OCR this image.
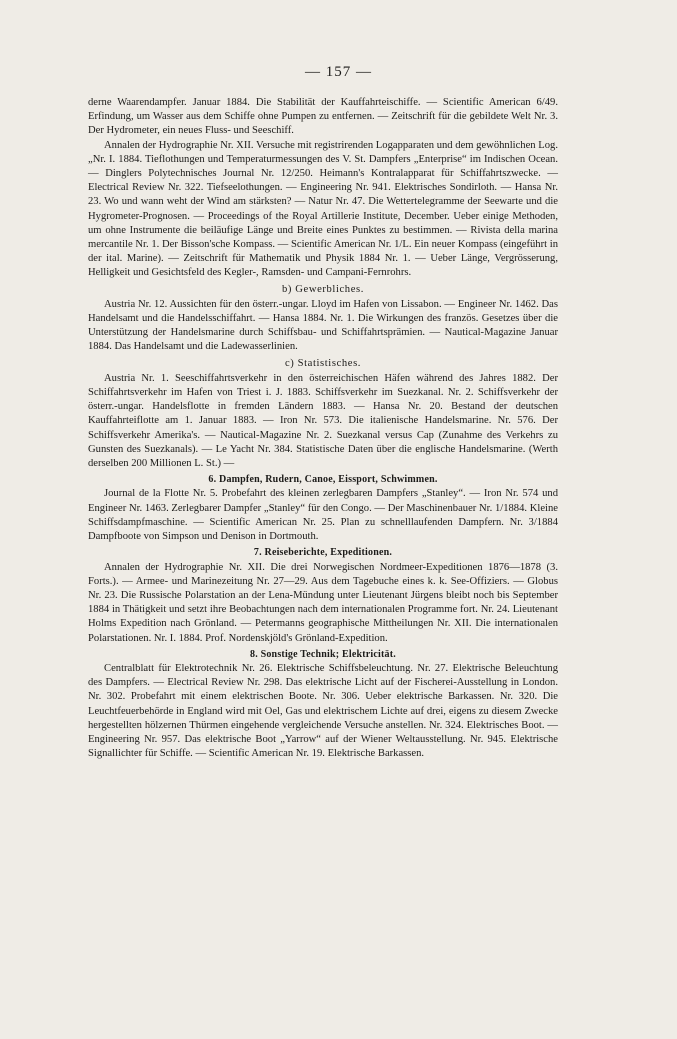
— 157 —

derne Waarendampfer. Januar 1884. Die Stabilität der Kauffahrteischiffe. — Scientific American 6/49. Erfindung, um Wasser aus dem Schiffe ohne Pumpen zu entfernen. — Zeitschrift für die gebildete Welt Nr. 3. Der Hydrometer, ein neues Fluss- und Seeschiff.

Annalen der Hydrographie Nr. XII. Versuche mit registrirenden Logapparaten und dem gewöhnlichen Log. „Nr. I. 1884. Tieflothungen und Temperaturmessungen des V. St. Dampfers „Enterprise“ im Indischen Ocean. — Dinglers Polytechnisches Journal Nr. 12/250. Heimann's Kontralapparat für Schiffahrtszwecke. — Electrical Review Nr. 322. Tiefseelothungen. — Engineering Nr. 941. Elektrisches Sondirloth. — Hansa Nr. 23. Wo und wann weht der Wind am stärksten? — Natur Nr. 47. Die Wettertelegramme der Seewarte und die Hygrometer-Prognosen. — Proceedings of the Royal Artillerie Institute, December. Ueber einige Methoden, um ohne Instrumente die beiläufige Länge und Breite eines Punktes zu bestimmen. — Rivista della marina mercantile Nr. 1. Der Bisson'sche Kompass. — Scientific American Nr. 1/L. Ein neuer Kompass (eingeführt in der ital. Marine). — Zeitschrift für Mathematik und Physik 1884 Nr. 1. — Ueber Länge, Vergrösserung, Helligkeit und Gesichtsfeld des Kegler-, Ramsden- und Campani-Fernrohrs.

b) Gewerbliches.

Austria Nr. 12. Aussichten für den österr.-ungar. Lloyd im Hafen von Lissabon. — Engineer Nr. 1462. Das Handelsamt und die Handelsschiffahrt. — Hansa 1884. Nr. 1. Die Wirkungen des französ. Gesetzes über die Unterstützung der Handelsmarine durch Schiffsbau- und Schiffahrtsprämien. — Nautical-Magazine Januar 1884. Das Handelsamt und die Ladewasserlinien.

c) Statistisches.

Austria Nr. 1. Seeschiffahrtsverkehr in den österreichischen Häfen während des Jahres 1882. Der Schiffahrtsverkehr im Hafen von Triest i. J. 1883. Schiffsverkehr im Suezkanal. Nr. 2. Schiffsverkehr der österr.-ungar. Handelsflotte in fremden Ländern 1883. — Hansa Nr. 20. Bestand der deutschen Kauffahrteiflotte am 1. Januar 1883. — Iron Nr. 573. Die italienische Handelsmarine. Nr. 576. Der Schiffsverkehr Amerika's. — Nautical-Magazine Nr. 2. Suezkanal versus Cap (Zunahme des Verkehrs zu Gunsten des Suezkanals). — Le Yacht Nr. 384. Statistische Daten über die englische Handelsmarine. (Werth derselben 200 Millionen L. St.) —

6. Dampfen, Rudern, Canoe, Eissport, Schwimmen.

Journal de la Flotte Nr. 5. Probefahrt des kleinen zerlegbaren Dampfers „Stanley“. — Iron Nr. 574 und Engineer Nr. 1463. Zerlegbarer Dampfer „Stanley“ für den Congo. — Der Maschinenbauer Nr. 1/1884. Kleine Schiffsdampfmaschine. — Scientific American Nr. 25. Plan zu schnelllaufenden Dampfern. Nr. 3/1884 Dampfboote von Simpson und Denison in Dortmouth.

7. Reiseberichte, Expeditionen.

Annalen der Hydrographie Nr. XII. Die drei Norwegischen Nordmeer-Expeditionen 1876—1878 (3. Forts.). — Armee- und Marinezeitung Nr. 27—29. Aus dem Tagebuche eines k. k. See-Offiziers. — Globus Nr. 23. Die Russische Polarstation an der Lena-Mündung unter Lieutenant Jürgens bleibt noch bis September 1884 in Thätigkeit und setzt ihre Beobachtungen nach dem internationalen Programme fort. Nr. 24. Lieutenant Holms Expedition nach Grönland. — Petermanns geographische Mittheilungen Nr. XII. Die internationalen Polarstationen. Nr. I. 1884. Prof. Nordenskjöld's Grönland-Expedition.

8. Sonstige Technik; Elektricität.

Centralblatt für Elektrotechnik Nr. 26. Elektrische Schiffsbeleuchtung. Nr. 27. Elektrische Beleuchtung des Dampfers. — Electrical Review Nr. 298. Das elektrische Licht auf der Fischerei-Ausstellung in London. Nr. 302. Probefahrt mit einem elektrischen Boote. Nr. 306. Ueber elektrische Barkassen. Nr. 320. Die Leuchtfeuerbehörde in England wird mit Oel, Gas und elektrischem Lichte auf drei, eigens zu diesem Zwecke hergestellten hölzernen Thürmen eingehende vergleichende Versuche anstellen. Nr. 324. Elektrisches Boot. — Engineering Nr. 957. Das elektrische Boot „Yarrow“ auf der Wiener Weltausstellung. Nr. 945. Elektrische Signallichter für Schiffe. — Scientific American Nr. 19. Elektrische Barkassen.
